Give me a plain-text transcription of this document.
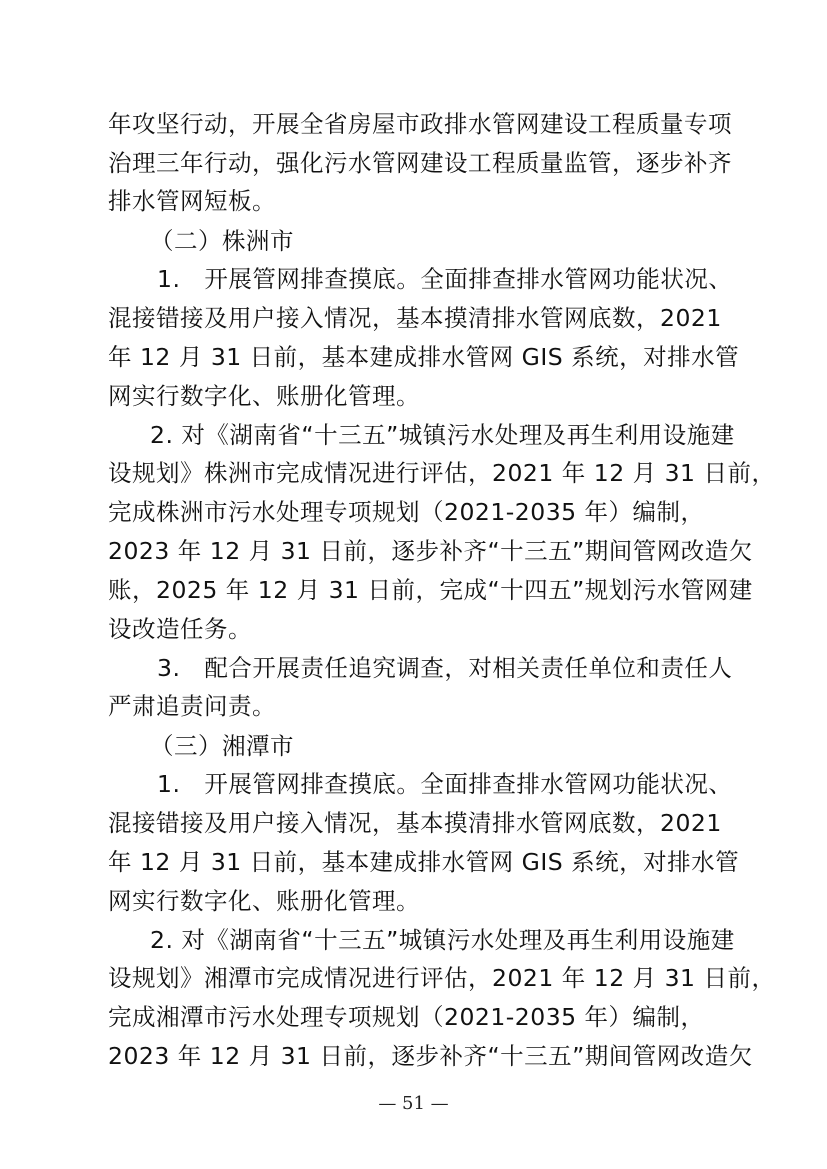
年攻坚行动，开展全省房屋市政排水管网建设工程质量专项
治理三年行动，强化污水管网建设工程质量监管，逐步补齐
排水管网短板。
（二）株洲市
1.　开展管网排查摸底。全面排查排水管网功能状况、
混接错接及用户接入情况，基本摸清排水管网底数，2021
年 12 月 31 日前，基本建成排水管网 GIS 系统，对排水管
网实行数字化、账册化管理。
2. 对《湖南省“十三五”城镇污水处理及再生利用设施建
设规划》株洲市完成情况进行评估，2021 年 12 月 31 日前，
完成株洲市污水处理专项规划（2021-2035 年）编制，
2023 年 12 月 31 日前，逐步补齐“十三五”期间管网改造欠
账，2025 年 12 月 31 日前，完成“十四五”规划污水管网建
设改造任务。
3.　配合开展责任追究调查，对相关责任单位和责任人
严肃追责问责。
（三）湘潭市
1.　开展管网排查摸底。全面排查排水管网功能状况、
混接错接及用户接入情况，基本摸清排水管网底数，2021
年 12 月 31 日前，基本建成排水管网 GIS 系统，对排水管
网实行数字化、账册化管理。
2. 对《湖南省“十三五”城镇污水处理及再生利用设施建
设规划》湘潭市完成情况进行评估，2021 年 12 月 31 日前，
完成湘潭市污水处理专项规划（2021-2035 年）编制，
2023 年 12 月 31 日前，逐步补齐“十三五”期间管网改造欠
— 51 —
